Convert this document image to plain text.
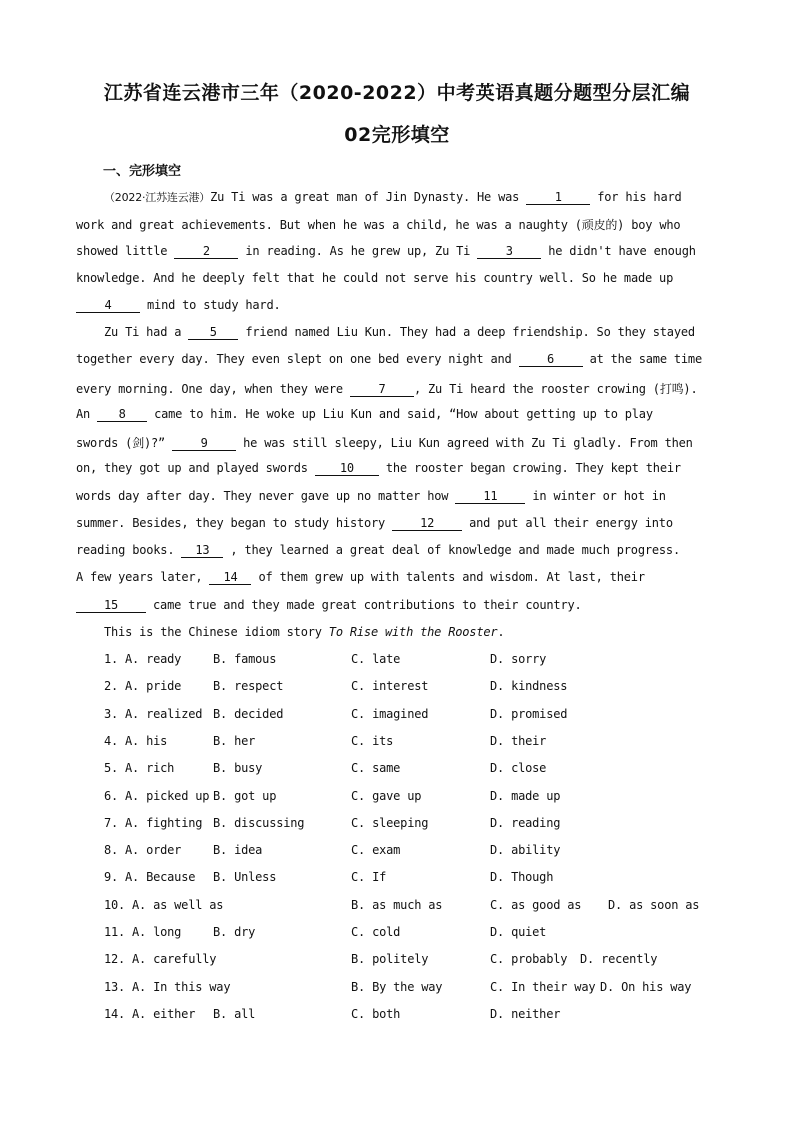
江苏省连云港市三年（2020-2022）中考英语真题分题型分层汇编
02完形填空
一、完形填空
（2022·江苏连云港）Zu Ti was a great man of Jin Dynasty. He was 1 for his hard
work and great achievements. But when he was a child, he was a naughty (顽皮的) boy who
showed little 2 in reading. As he grew up, Zu Ti 3 he didn't have enough
knowledge. And he deeply felt that he could not serve his country well. So he made up
4 mind to study hard.
Zu Ti had a 5 friend named Liu Kun. They had a deep friendship. So they stayed
together every day. They even slept on one bed every night and 6 at the same time
every morning. One day, when they were 7 , Zu Ti heard the rooster crowing (打鸣).
An 8 came to him. He woke up Liu Kun and said, “How about getting up to play
swords (剑)?” 9 he was still sleepy, Liu Kun agreed with Zu Ti gladly. From then
on, they got up and played swords 10 the rooster began crowing. They kept their
words day after day. They never gave up no matter how 11 in winter or hot in
summer. Besides, they began to study history 12 and put all their energy into
reading books. 13 , they learned a great deal of knowledge and made much progress.
A few years later, 14 of them grew up with talents and wisdom. At last, their
15 came true and they made great contributions to their country.
This is the Chinese idiom story To Rise with the Rooster.
1. A. ready	B. famous	C. late	D. sorry
2. A. pride	B. respect	C. interest	D. kindness
3. A. realized B. decided	C. imagined	D. promised
4. A. his	B. her	C. its	D. their
5. A. rich	B. busy	C. same	D. close
6. A. picked up B. got up	C. gave up	D. made up
7. A. fighting B. discussing	C. sleeping	D. reading
8. A. order	B. idea	C. exam	D. ability
9. A. Because B. Unless	C. If	D. Though
10. A. as well as	B. as much as	C. as good as D. as soon as
11. A. long	B. dry	C. cold	D. quiet
12. A. carefully	B. politely	C. probably D. recently
13. A. In this way	B. By the way	C. In their way D. On his way
14. A. either B. all	C. both	D. neither
